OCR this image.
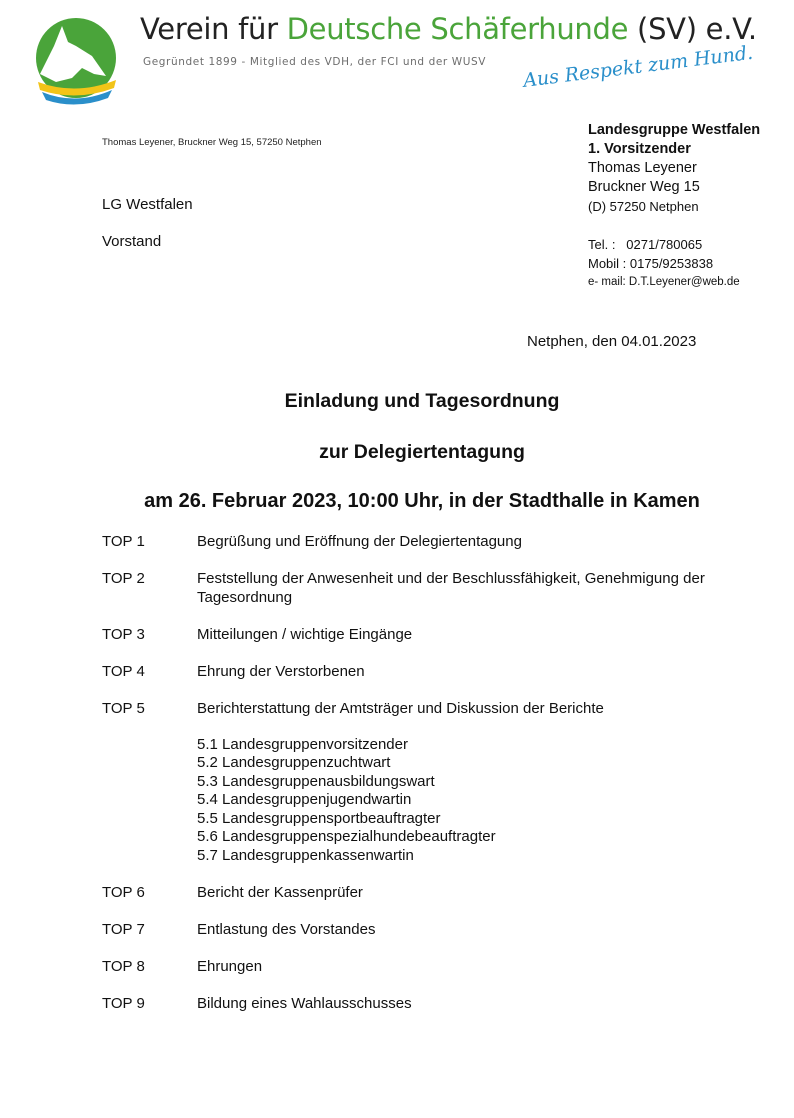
Verein für Deutsche Schäferhunde (SV) e.V.
Gegründet 1899 - Mitglied des VDH, der FCI und der WUSV Aus Respekt zum Hund.
Thomas Leyener, Bruckner Weg 15, 57250 Netphen
LG Westfalen
Vorstand
Landesgruppe Westfalen
1. Vorsitzender
Thomas Leyener
Bruckner Weg 15
(D) 57250 Netphen
Tel. :   0271/780065
Mobil : 0175/9253838
e- mail: D.T.Leyener@web.de
Netphen, den 04.01.2023
Einladung und Tagesordnung
zur Delegiertentagung
am 26. Februar 2023, 10:00 Uhr, in der Stadthalle in Kamen
TOP 1	Begrüßung und Eröffnung der Delegiertentagung
TOP 2	Feststellung der Anwesenheit und der Beschlussfähigkeit, Genehmigung der Tagesordnung
TOP 3	Mitteilungen / wichtige Eingänge
TOP 4	Ehrung der Verstorbenen
TOP 5	Berichterstattung der Amtsträger und Diskussion der Berichte
5.1 Landesgruppenvorsitzender
5.2 Landesgruppenzuchtwart
5.3 Landesgruppenausbildungswart
5.4 Landesgruppenjugendwartin
5.5 Landesgruppensportbeauftragter
5.6 Landesgruppenspezialhundebeauftragter
5.7 Landesgruppenkassenwartin
TOP 6	Bericht der Kassenprüfer
TOP 7	Entlastung des Vorstandes
TOP 8	Ehrungen
TOP 9	Bildung eines Wahlausschusses
